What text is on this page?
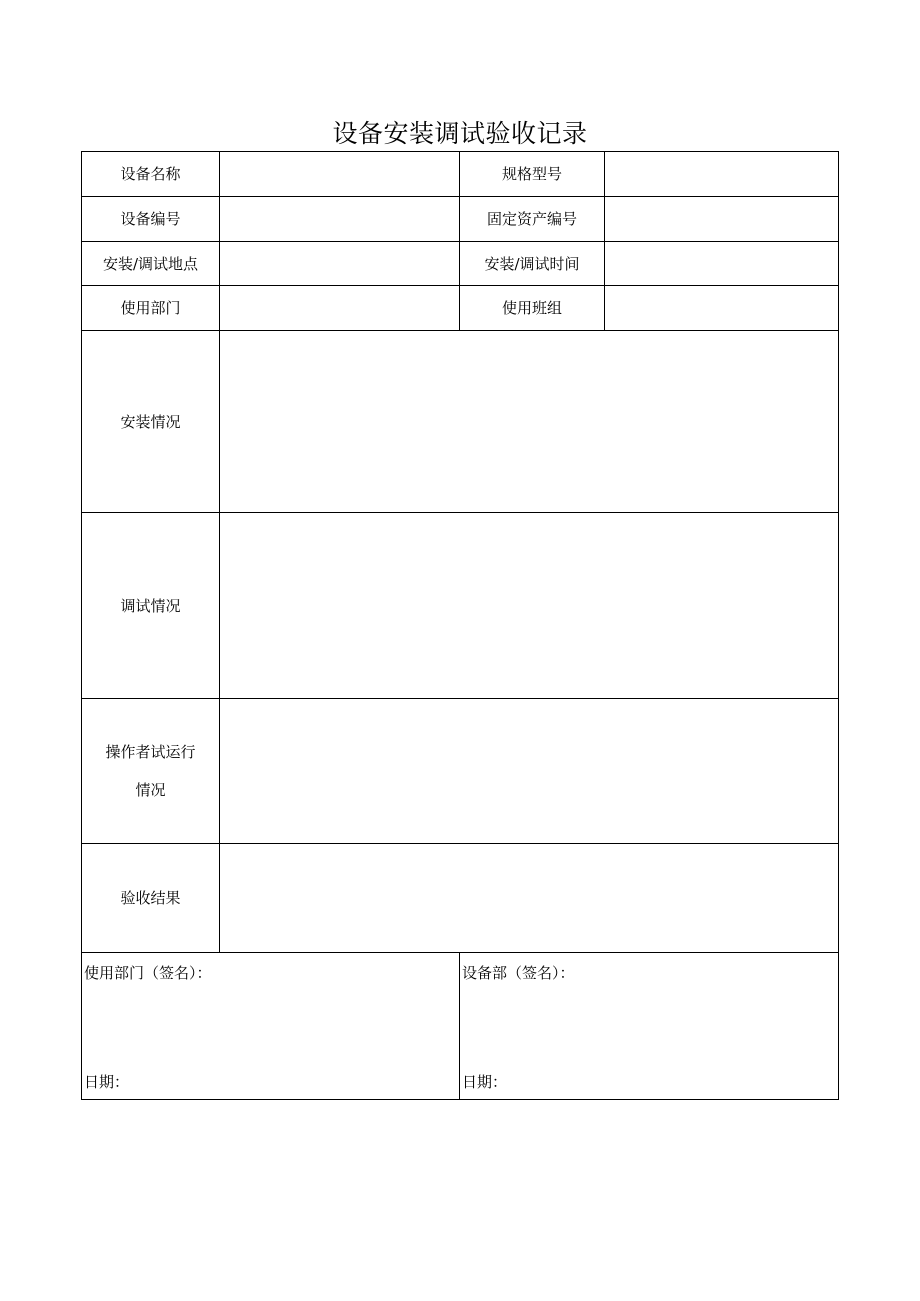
设备安装调试验收记录
设备名称	规格型号
设备编号	固定资产编号
安装/调试地点	安装/调试时间
使用部门	使用班组
安装情况
调试情况
操作者试运行
情况
验收结果
使用部门（签名）：	设备部（签名）：
日期：	日期：
